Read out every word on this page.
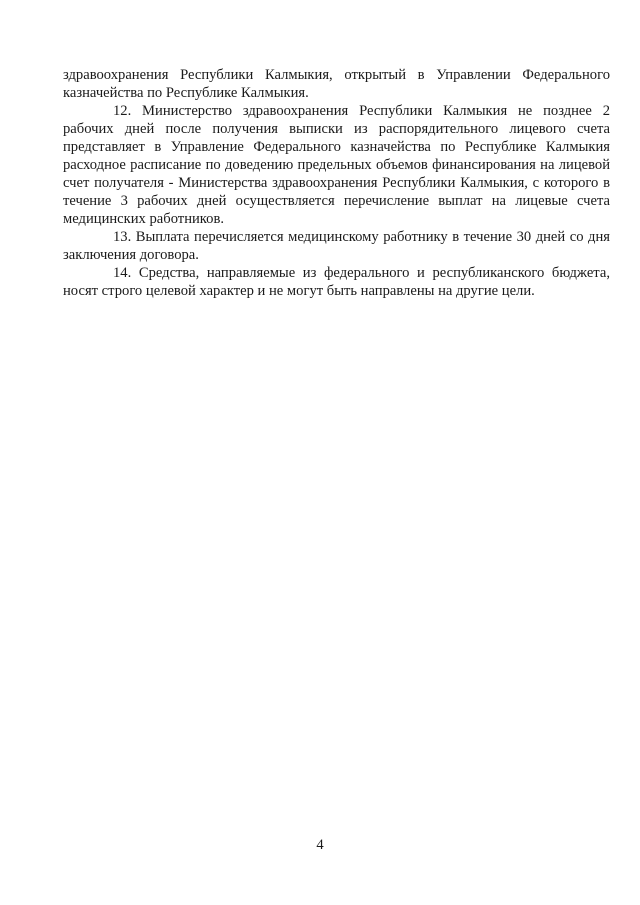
здравоохранения Республики Калмыкия, открытый в Управлении Федерального казначейства по Республике Калмыкия.

12. Министерство здравоохранения Республики Калмыкия не позднее 2 рабочих дней после получения выписки из распорядительного лицевого счета представляет в Управление Федерального казначейства по Республике Калмыкия расходное расписание по доведению предельных объемов финансирования на лицевой счет получателя - Министерства здравоохранения Республики Калмыкия, с которого в течение 3 рабочих дней осуществляется перечисление выплат на лицевые счета медицинских работников.

13. Выплата перечисляется медицинскому работнику в течение 30 дней со дня заключения договора.

14. Средства, направляемые из федерального и республиканского бюджета, носят строго целевой характер и не могут быть направлены на другие цели.

4
